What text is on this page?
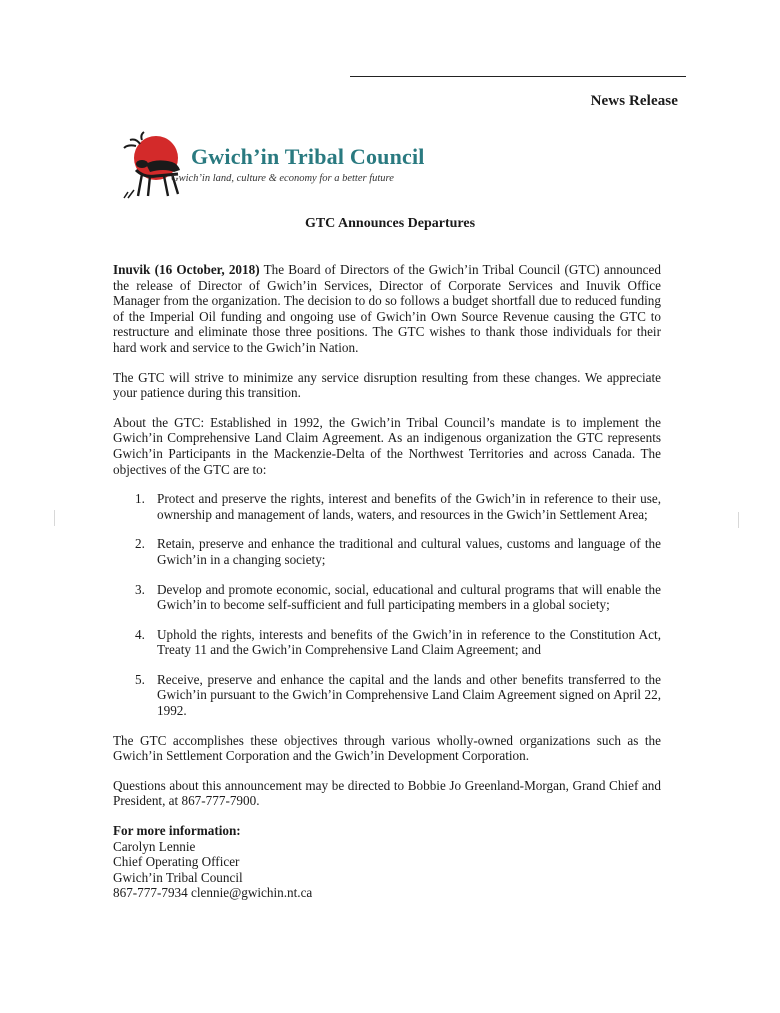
News Release
Gwich’in Tribal Council
Gwich’in land, culture & economy for a better future
GTC Announces Departures

Inuvik (16 October, 2018) The Board of Directors of the Gwich’in Tribal Council (GTC) announced the release of Director of Gwich’in Services, Director of Corporate Services and Inuvik Office Manager from the organization. The decision to do so follows a budget shortfall due to reduced funding of the Imperial Oil funding and ongoing use of Gwich’in Own Source Revenue causing the GTC to restructure and eliminate those three positions. The GTC wishes to thank those individuals for their hard work and service to the Gwich’in Nation.

The GTC will strive to minimize any service disruption resulting from these changes. We appreciate your patience during this transition.

About the GTC: Established in 1992, the Gwich’in Tribal Council’s mandate is to implement the Gwich’in Comprehensive Land Claim Agreement. As an indigenous organization the GTC represents Gwich’in Participants in the Mackenzie-Delta of the Northwest Territories and across Canada. The objectives of the GTC are to:

1. Protect and preserve the rights, interest and benefits of the Gwich’in in reference to their use, ownership and management of lands, waters, and resources in the Gwich’in Settlement Area;
2. Retain, preserve and enhance the traditional and cultural values, customs and language of the Gwich’in in a changing society;
3. Develop and promote economic, social, educational and cultural programs that will enable the Gwich’in to become self-sufficient and full participating members in a global society;
4. Uphold the rights, interests and benefits of the Gwich’in in reference to the Constitution Act, Treaty 11 and the Gwich’in Comprehensive Land Claim Agreement; and
5. Receive, preserve and enhance the capital and the lands and other benefits transferred to the Gwich’in pursuant to the Gwich’in Comprehensive Land Claim Agreement signed on April 22, 1992.

The GTC accomplishes these objectives through various wholly-owned organizations such as the Gwich’in Settlement Corporation and the Gwich’in Development Corporation.

Questions about this announcement may be directed to Bobbie Jo Greenland-Morgan, Grand Chief and President, at 867-777-7900.

For more information:
Carolyn Lennie
Chief Operating Officer
Gwich’in Tribal Council
867-777-7934 clennie@gwichin.nt.ca
